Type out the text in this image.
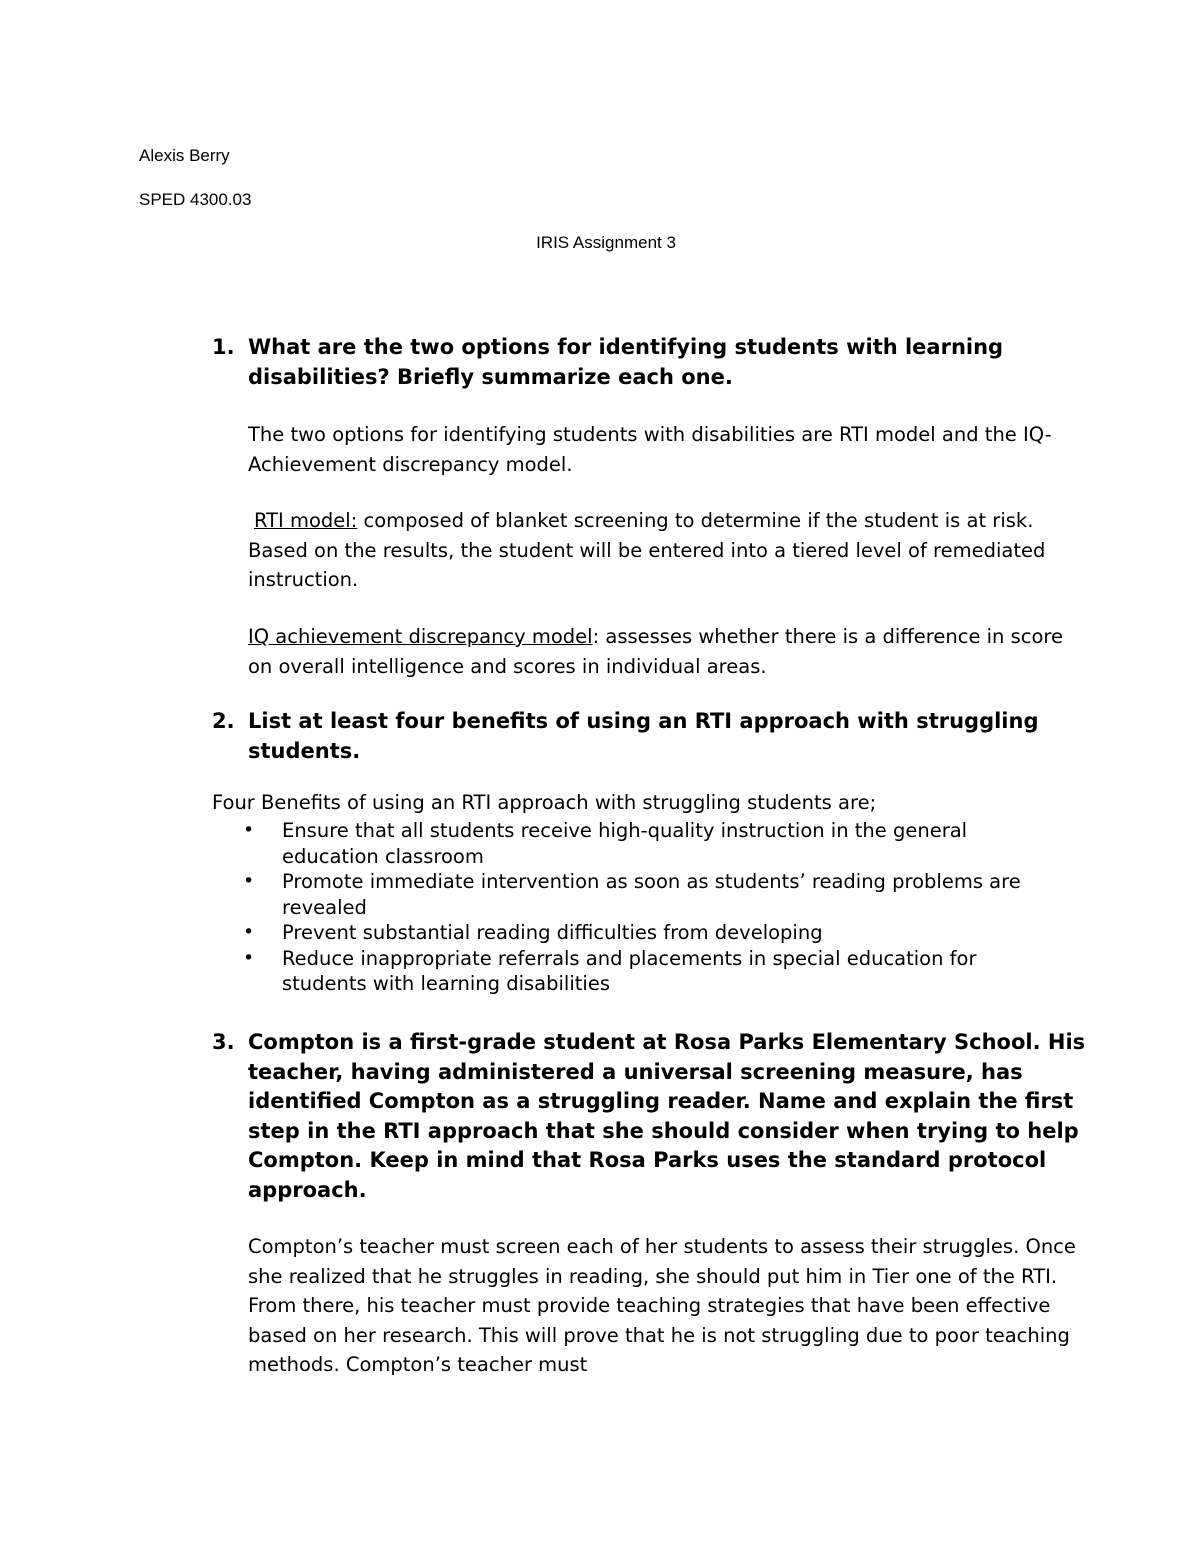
Alexis Berry
SPED 4300.03
IRIS Assignment 3
1. What are the two options for identifying students with learning disabilities? Briefly summarize each one.
The two options for identifying students with disabilities are RTI model and the IQ-Achievement discrepancy model.
RTI model: composed of blanket screening to determine if the student is at risk. Based on the results, the student will be entered into a tiered level of remediated instruction.
IQ achievement discrepancy model: assesses whether there is a difference in score on overall intelligence and scores in individual areas.
2. List at least four benefits of using an RTI approach with struggling students.
Four Benefits of using an RTI approach with struggling students are;
• Ensure that all students receive high-quality instruction in the general education classroom
• Promote immediate intervention as soon as students’ reading problems are revealed
• Prevent substantial reading difficulties from developing
• Reduce inappropriate referrals and placements in special education for students with learning disabilities
3. Compton is a first-grade student at Rosa Parks Elementary School. His teacher, having administered a universal screening measure, has identified Compton as a struggling reader. Name and explain the first step in the RTI approach that she should consider when trying to help Compton. Keep in mind that Rosa Parks uses the standard protocol approach.
Compton’s teacher must screen each of her students to assess their struggles. Once she realized that he struggles in reading, she should put him in Tier one of the RTI. From there, his teacher must provide teaching strategies that have been effective based on her research. This will prove that he is not struggling due to poor teaching methods. Compton’s teacher must
